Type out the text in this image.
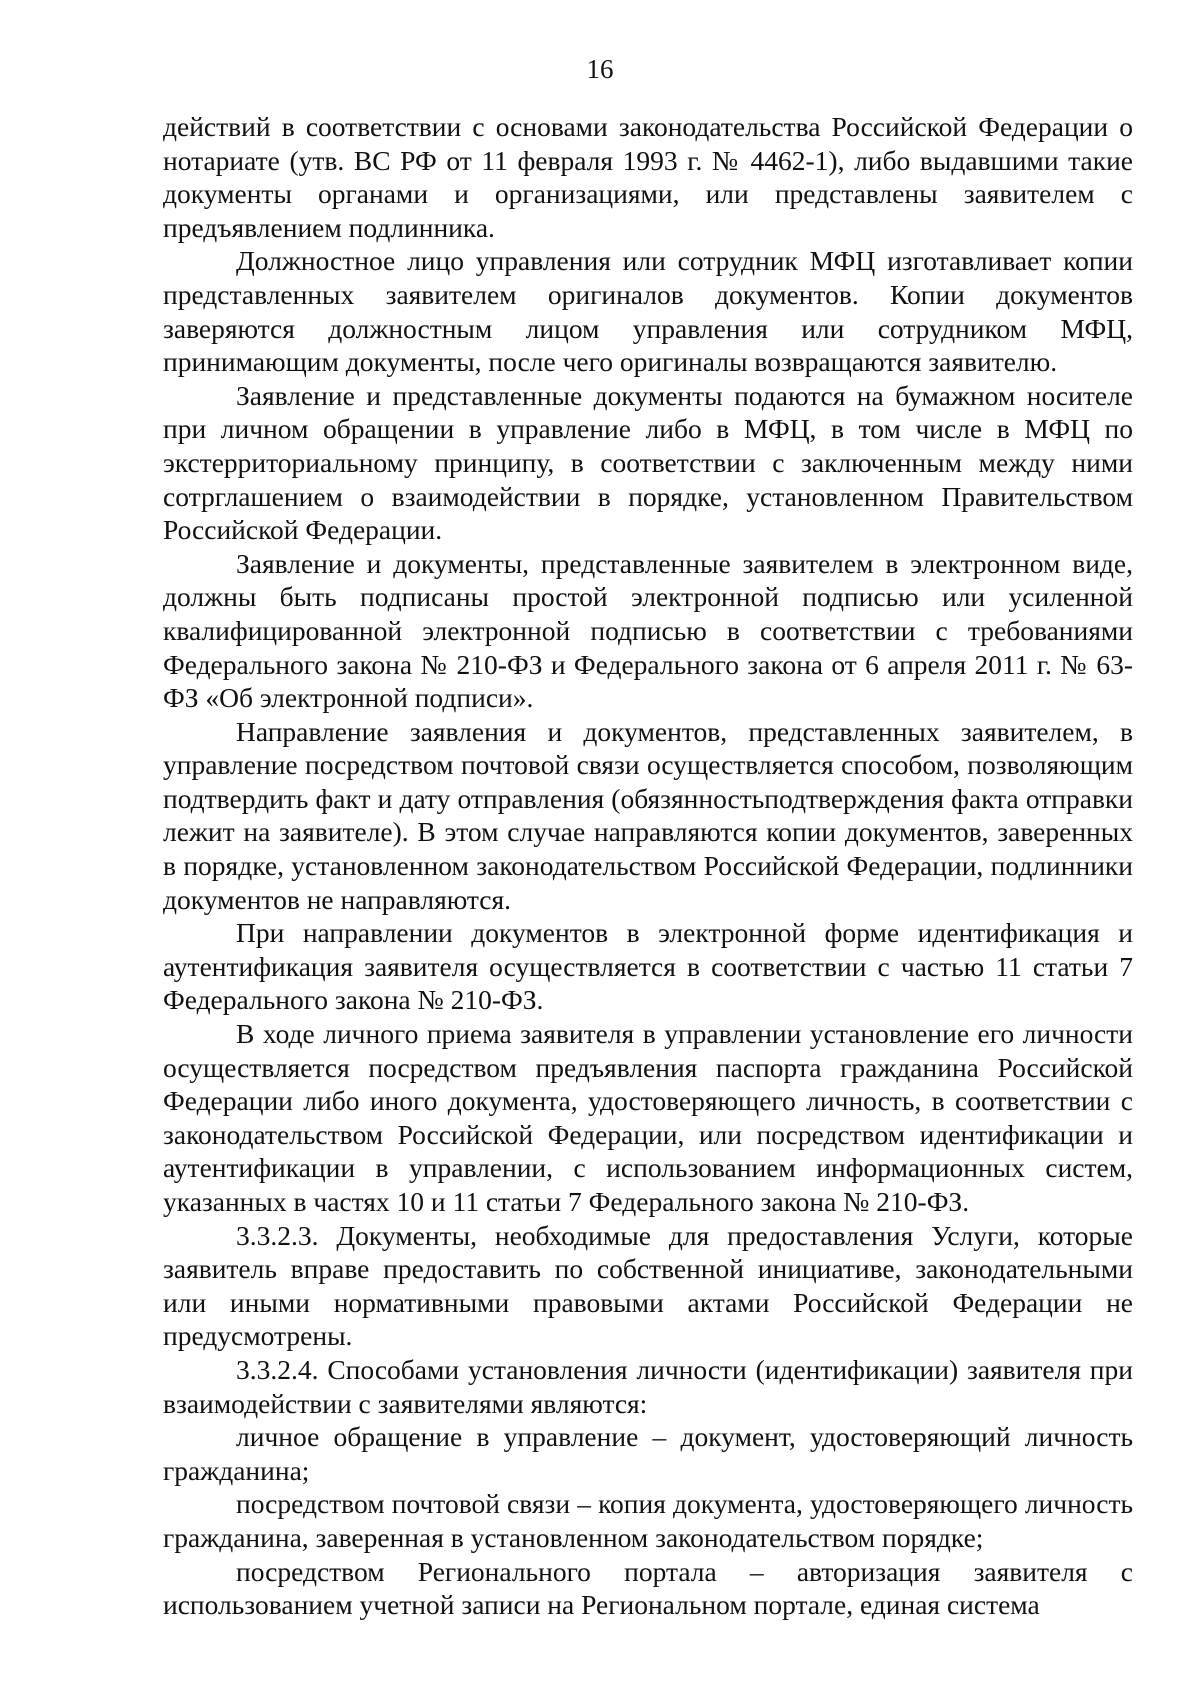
16

действий в соответствии с основами законодательства Российской Федерации о нотариате (утв. ВС РФ от 11 февраля 1993 г. № 4462-1), либо выдавшими такие документы органами и организациями, или представлены заявителем с предъявлением подлинника.

Должностное лицо управления или сотрудник МФЦ изготавливает копии представленных заявителем оригиналов документов. Копии документов заверяются должностным лицом управления или сотрудником МФЦ, принимающим документы, после чего оригиналы возвращаются заявителю.

Заявление и представленные документы подаются на бумажном носителе при личном обращении в управление либо в МФЦ, в том числе в МФЦ по экстерриториальному принципу, в соответствии с заключенным между ними сотрглашением о взаимодействии в порядке, установленном Правительством Российской Федерации.

Заявление и документы, представленные заявителем в электронном виде, должны быть подписаны простой электронной подписью или усиленной квалифицированной электронной подписью в соответствии с требованиями Федерального закона № 210-ФЗ и Федерального закона от 6 апреля 2011 г. № 63-ФЗ «Об электронной подписи».

Направление заявления и документов, представленных заявителем, в управление посредством почтовой связи осуществляется способом, позволяющим подтвердить факт и дату отправления (обязянностьподтверждения факта отправки лежит на заявителе). В этом случае направляются копии документов, заверенных в порядке, установленном законодательством Российской Федерации, подлинники документов не направляются.

При направлении документов в электронной форме идентификация и аутентификация заявителя осуществляется в соответствии с частью 11 статьи 7 Федерального закона № 210-ФЗ.

В ходе личного приема заявителя в управлении установление его личности осуществляется посредством предъявления паспорта гражданина Российской Федерации либо иного документа, удостоверяющего личность, в соответствии с законодательством Российской Федерации, или посредством идентификации и аутентификации в управлении, с использованием информационных систем, указанных в частях 10 и 11 статьи 7 Федерального закона № 210-ФЗ.

3.3.2.3. Документы, необходимые для предоставления Услуги, которые заявитель вправе предоставить по собственной инициативе, законодательными или иными нормативными правовыми актами Российской Федерации не предусмотрены.

3.3.2.4. Способами установления личности (идентификации) заявителя при взаимодействии с заявителями являются:

личное обращение в управление – документ, удостоверяющий личность гражданина;

посредством почтовой связи – копия документа, удостоверяющего личность гражданина, заверенная в установленном законодательством порядке;

посредством Регионального портала – авторизация заявителя с использованием учетной записи на Региональном портале, единая система
